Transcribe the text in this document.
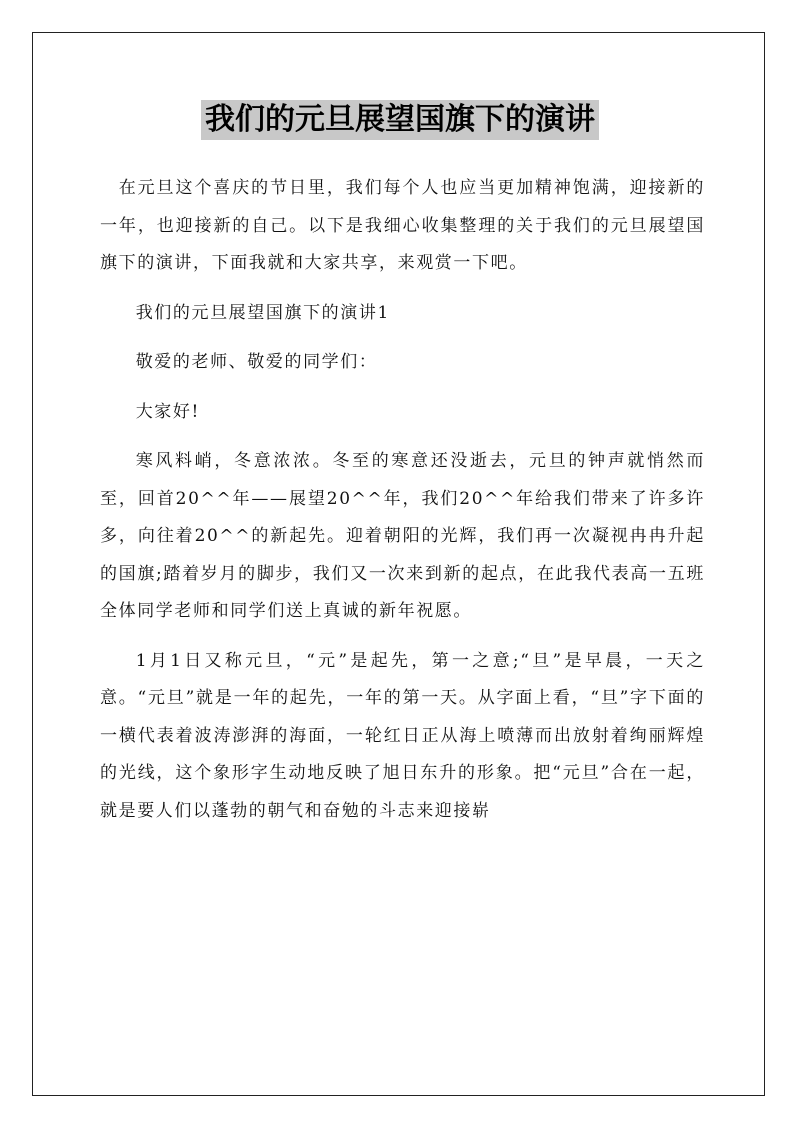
我们的元旦展望国旗下的演讲

在元旦这个喜庆的节日里，我们每个人也应当更加精神饱满，迎接新的一年，也迎接新的自己。以下是我细心收集整理的关于我们的元旦展望国旗下的演讲，下面我就和大家共享，来观赏一下吧。

我们的元旦展望国旗下的演讲1

敬爱的老师、敬爱的同学们：

大家好!

寒风料峭，冬意浓浓。冬至的寒意还没逝去，元旦的钟声就悄然而至，回首20^^年——展望20^^年，我们20^^年给我们带来了许多许多，向往着20^^的新起先。迎着朝阳的光辉，我们再一次凝视冉冉升起的国旗;踏着岁月的脚步，我们又一次来到新的起点，在此我代表高一五班全体同学老师和同学们送上真诚的新年祝愿。

1月1日又称元旦，“元”是起先，第一之意;“旦”是早晨，一天之意。“元旦”就是一年的起先，一年的第一天。从字面上看，“旦”字下面的一横代表着波涛澎湃的海面，一轮红日正从海上喷薄而出放射着绚丽辉煌的光线，这个象形字生动地反映了旭日东升的形象。把“元旦”合在一起，就是要人们以蓬勃的朝气和奋勉的斗志来迎接崭
